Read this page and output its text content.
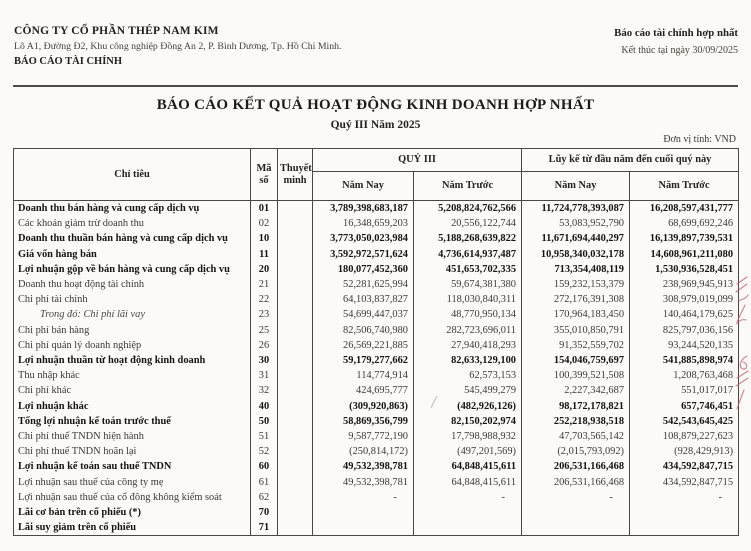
CÔNG TY CỔ PHẦN THÉP NAM KIM
Lô A1, Đường Đ2, Khu công nghiệp Đồng An 2, P. Bình Dương, Tp. Hồ Chí Minh.
BÁO CÁO TÀI CHÍNH
Báo cáo tài chính hợp nhất
Kết thúc tại ngày 30/09/2025
BÁO CÁO KẾT QUẢ HOẠT ĐỘNG KINH DOANH HỢP NHẤT
Quý III Năm 2025
Đơn vị tính: VND
Chỉ tiêu	Mã số	Thuyết minh	QUÝ III		Lũy kế từ đầu năm đến cuối quý này	
			Năm Nay	Năm Trước	Năm Nay	Năm Trước
Doanh thu bán hàng và cung cấp dịch vụ	01		3,789,398,683,187	5,208,824,762,566	11,724,778,393,087	16,208,597,431,777
Các khoản giảm trừ doanh thu	02		16,348,659,203	20,556,122,744	53,083,952,790	68,699,692,246
Doanh thu thuần bán hàng và cung cấp dịch vụ	10		3,773,050,023,984	5,188,268,639,822	11,671,694,440,297	16,139,897,739,531
Giá vốn hàng bán	11		3,592,972,571,624	4,736,614,937,487	10,958,340,032,178	14,608,961,211,080
Lợi nhuận gộp về bán hàng và cung cấp dịch vụ	20		180,077,452,360	451,653,702,335	713,354,408,119	1,530,936,528,451
Doanh thu hoạt động tài chính	21		52,281,625,994	59,674,381,380	159,232,153,379	238,969,945,913
Chi phí tài chính	22		64,103,837,827	118,030,840,311	272,176,391,308	308,979,019,099
Trong đó: Chi phí lãi vay	23		54,699,447,037	48,770,950,134	170,964,183,450	140,464,179,625
Chi phí bán hàng	25		82,506,740,980	282,723,696,011	355,010,850,791	825,797,036,156
Chi phí quản lý doanh nghiệp	26		26,569,221,885	27,940,418,293	91,352,559,702	93,244,520,135
Lợi nhuận thuần từ hoạt động kinh doanh	30		59,179,277,662	82,633,129,100	154,046,759,697	541,885,898,974
Thu nhập khác	31		114,774,914	62,573,153	100,399,521,508	1,208,763,468
Chi phí khác	32		424,695,777	545,499,279	2,227,342,687	551,017,017
Lợi nhuận khác	40		(309,920,863)	(482,926,126)	98,172,178,821	657,746,451
Tổng lợi nhuận kế toán trước thuế	50		58,869,356,799	82,150,202,974	252,218,938,518	542,543,645,425
Chi phí thuế TNDN hiện hành	51		9,587,772,190	17,798,988,932	47,703,565,142	108,879,227,623
Chi phí thuế TNDN hoãn lại	52		(250,814,172)	(497,201,569)	(2,015,793,092)	(928,429,913)
Lợi nhuận kế toán sau thuế TNDN	60		49,532,398,781	64,848,415,611	206,531,166,468	434,592,847,715
Lợi nhuận sau thuế của công ty mẹ	61		49,532,398,781	64,848,415,611	206,531,166,468	434,592,847,715
Lợi nhuận sau thuế của cổ đông không kiểm soát	62		-	-	-	-
Lãi cơ bản trên cổ phiếu (*)	70					
Lãi suy giảm trên cổ phiếu	71					
